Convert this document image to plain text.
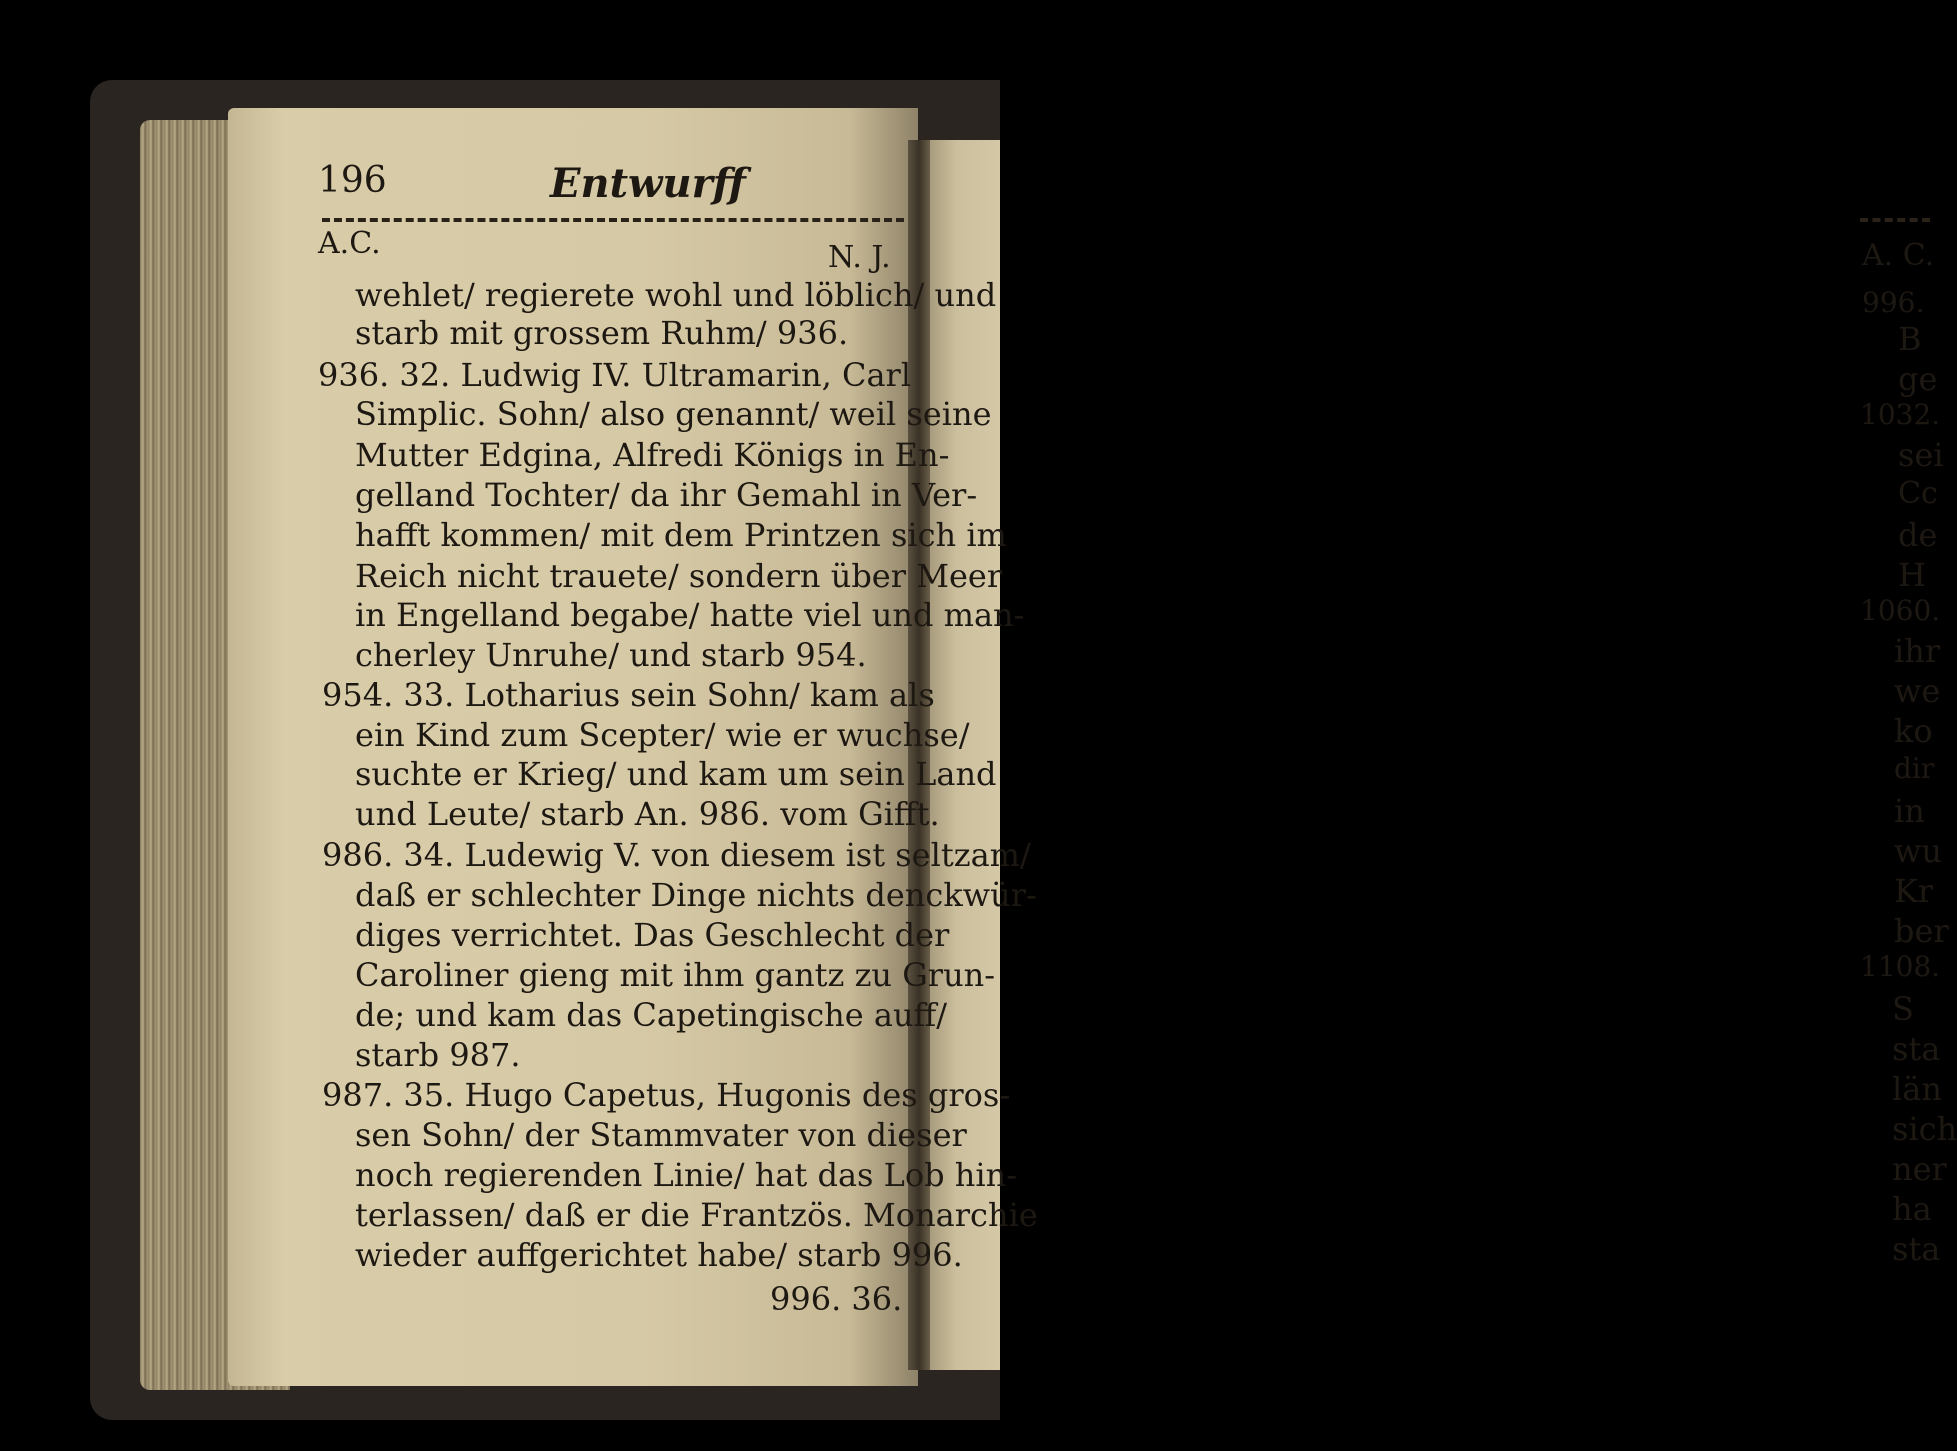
196	Entwurff
A.C.	N. J.
wehlet/ regierete wohl und löblich/ und
starb mit grossem Ruhm/ 936.
936. 32. Ludwig IV. Ultramarin, Carl
Simplic. Sohn/ also genannt/ weil seine
Mutter Edgina, Alfredi Königs in En-
gelland Tochter/ da ihr Gemahl in Ver-
hafft kommen/ mit dem Printzen sich im
Reich nicht trauete/ sondern über Meer
in Engelland begabe/ hatte viel und man-
cherley Unruhe/ und starb 954.
954. 33. Lotharius sein Sohn/ kam als
ein Kind zum Scepter/ wie er wuchse/
suchte er Krieg/ und kam um sein Land
und Leute/ starb An. 986. vom Gifft.
986. 34. Ludewig V. von diesem ist seltzam/
daß er schlechter Dinge nichts denckwür-
diges verrichtet. Das Geschlecht der
Caroliner gieng mit ihm gantz zu Grun-
de; und kam das Capetingische auff/
starb 987.
987. 35. Hugo Capetus, Hugonis des gros-
sen Sohn/ der Stammvater von dieser
noch regierenden Linie/ hat das Lob hin-
terlassen/ daß er die Frantzös. Monarchie
wieder auffgerichtet habe/ starb 996.
996. 36.
A. C.
996.
B
ge
1032.
sei
Cc
de
H
1060.
ihr
we
ko
dir
in
wu
Kr
ber
1108.
S
sta
län
sich
ner
ha
sta
